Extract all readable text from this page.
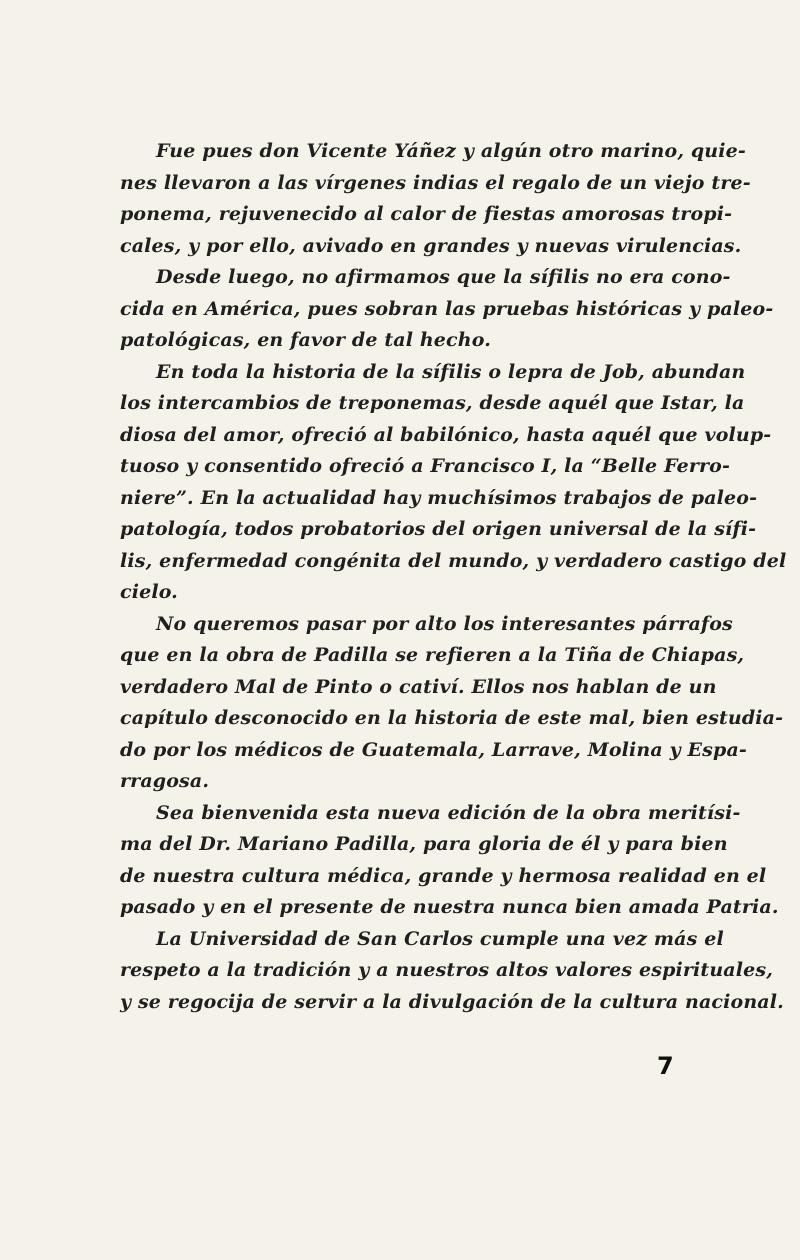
Fue pues don Vicente Yáñez y algún otro marino, quie-
nes llevaron a las vírgenes indias el regalo de un viejo tre-
ponema, rejuvenecido al calor de fiestas amorosas tropi-
cales, y por ello, avivado en grandes y nuevas virulencias.
Desde luego, no afirmamos que la sífilis no era cono-
cida en América, pues sobran las pruebas históricas y paleo-
patológicas, en favor de tal hecho.
En toda la historia de la sífilis o lepra de Job, abundan
los intercambios de treponemas, desde aquél que Istar, la
diosa del amor, ofreció al babilónico, hasta aquél que volup-
tuoso y consentido ofreció a Francisco I, la “Belle Ferro-
niere”. En la actualidad hay muchísimos trabajos de paleo-
patología, todos probatorios del origen universal de la sífi-
lis, enfermedad congénita del mundo, y verdadero castigo del
cielo.
No queremos pasar por alto los interesantes párrafos
que en la obra de Padilla se refieren a la Tiña de Chiapas,
verdadero Mal de Pinto o cativí. Ellos nos hablan de un
capítulo desconocido en la historia de este mal, bien estudia-
do por los médicos de Guatemala, Larrave, Molina y Espa-
rragosa.
Sea bienvenida esta nueva edición de la obra meritísi-
ma del Dr. Mariano Padilla, para gloria de él y para bien
de nuestra cultura médica, grande y hermosa realidad en el
pasado y en el presente de nuestra nunca bien amada Patria.
La Universidad de San Carlos cumple una vez más el
respeto a la tradición y a nuestros altos valores espirituales,
y se regocija de servir a la divulgación de la cultura nacional.
7
